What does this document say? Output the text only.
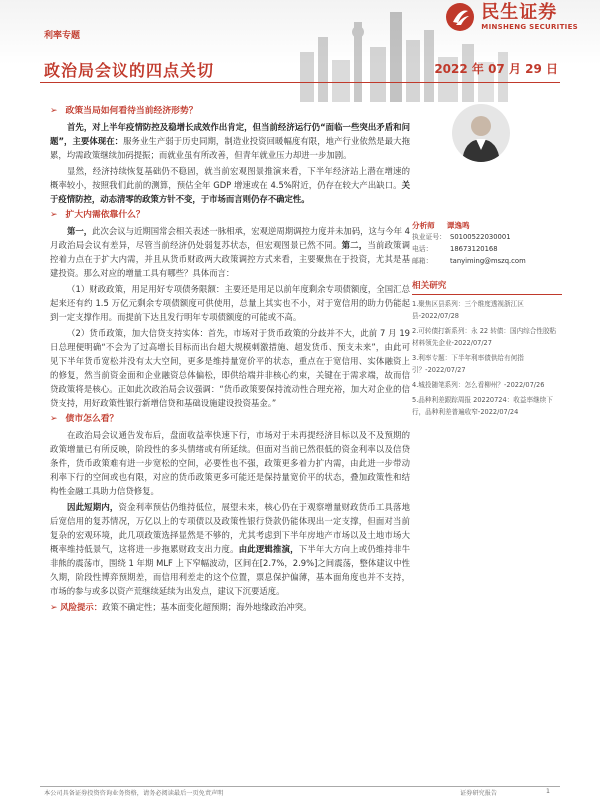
民生证券
MINSHENG SECURITIES
利率专题
政治局会议的四点关切	2022 年 07 月 29 日
➢ 政策当局如何看待当前经济形势？

首先，对上半年疫情防控及稳增长成效作出肯定，但当前经济运行仍“面临一些突出矛盾和问题”，主要体现在：服务业生产弱于历史同期，制造业投资回暖幅度有限，地产行业依然是最大拖累，均需政策继续加码提振；而就业虽有所改善，但青年就业压力却进一步加剧。

显然，经济持续恢复基础仍不稳固，就当前宏观图景推演来看，下半年经济站上潜在增速的概率较小，按照我们此前的测算，预估全年 GDP 增速或在 4.5%附近，仍存在较大产出缺口。关于疫情防控，动态清零的政策方针不变，于市场而言则仍存不确定性。

➢ 扩大内需依靠什么？

第一，此次会议与近期国常会相关表述一脉相承，宏观逆周期调控力度并未加码，这与今年 4 月政治局会议有差异，尽管当前经济仍处弱复苏状态，但宏观图景已然不同。第二，当前政策调控着力点在于扩大内需，并且从货币财政两大政策调控方式来看，主要聚焦在于投资，尤其是基建投资。那么对应的增量工具有哪些？具体而言：

（1）财政政策，用足用好专项债务限额：主要还是用足以前年度剩余专项债额度，全国汇总起来还有约 1.5 万亿元剩余专项债额度可供使用，总量上其实也不小，对于宽信用的助力仍能起到一定支撑作用。而提前下达且发行明年专项债额度的可能或不高。

（2）货币政策，加大信贷支持实体：首先，市场对于货币政策的分歧并不大，此前 7 月 19 日总理便明确“不会为了过高增长目标而出台超大规模刺激措施、超发货币、预支未来”，由此可见下半年货币宽松并没有太大空间，更多是维持量宽价平的状态，重点在于宽信用、实体融资上的修复，然当前资金面和企业融资总体偏松，即供给端并非核心约束，关键在于需求端，故而信贷政策将是核心。正如此次政治局会议强调：“货币政策要保持流动性合理充裕，加大对企业的信贷支持，用好政策性银行新增信贷和基础设施建设投资基金。”

➢ 债市怎么看？

在政治局会议通告发布后，盘面收益率快速下行，市场对于未再提经济目标以及不及预期的政策增量已有所反映，阶段性的多头情绪或有所延续。但面对当前已然很低的资金利率以及信贷条件，货币政策难有进一步宽松的空间，必要性也不强，政策更多着力扩内需，由此进一步带动利率下行的空间或也有限，对应的货币政策更多可能还是保持量宽价平的状态，叠加政策性和结构性金融工具助力信贷修复。

因此短期内，资金利率预估仍维持低位，展望未来，核心仍在于观察增量财政货币工具落地后宽信用的复苏情况，万亿以上的专项债以及政策性银行贷款仍能体现出一定支撑，但面对当前复杂的宏观环境，此几项政策选择显然是不够的，尤其考虑到下半年房地产市场以及土地市场大概率维持低景气，这将进一步拖累财政支出力度。由此逻辑推演，下半年大方向上或仍维持非牛非熊的震荡市，围绕 1 年期 MLF 上下窄幅波动，区间在[2.7%，2.9%]之间震荡，整体建议中性久期，阶段性博弈预期差，而信用利差走的这个位置，票息保护偏薄，基本面角度也并不支持，市场的参与或多以资产荒继续延续为出发点，建议下沉要适度。

➢ 风险提示：政策不确定性；基本面变化超预期；海外地缘政治冲突。
分析师 谭逸鸣
执业证号： S0100522030001
电话：	18673120168
邮箱：	tanyiming@mszq.com
相关研究
1.聚焦区县系列：三个维度透视浙江区县-2022/07/28
2.可转债打新系列：永 22 转债：国内综合性胶粘材料领先企业-2022/07/27
3.利率专题：下半年利率债供给有何指引？-2022/07/27
4.城投随笔系列：怎么看柳州？-2022/07/26
5.品种利差跟踪周报 20220724：收益率继续下行，品种利差普遍收窄-2022/07/24
本公司具备证券投资咨询业务资格，请务必阅读最后一页免责声明	证券研究报告	1
